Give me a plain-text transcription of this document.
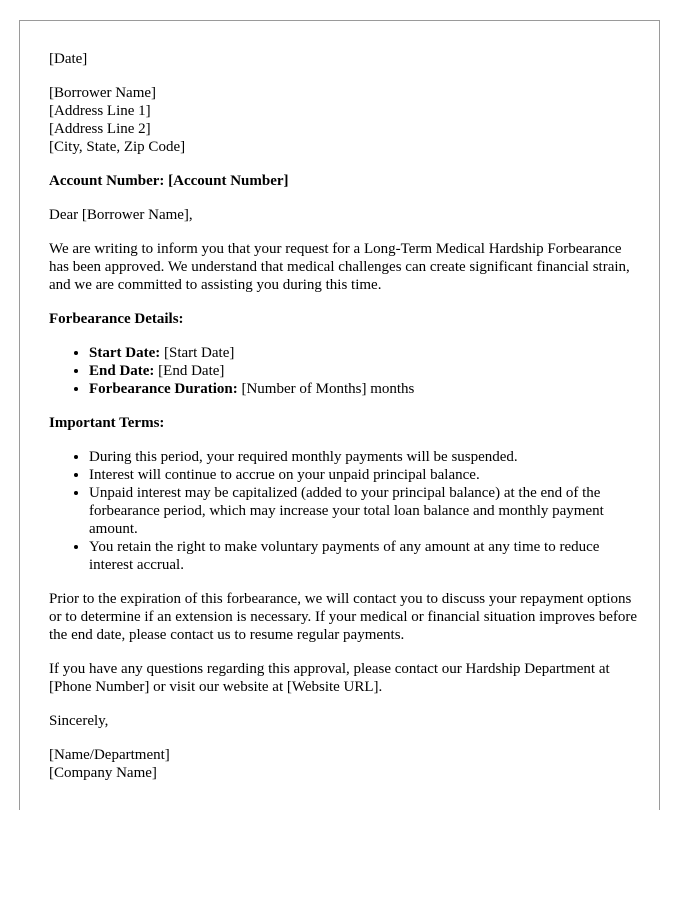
[Date]

[Borrower Name]
[Address Line 1]
[Address Line 2]
[City, State, Zip Code]

Account Number: [Account Number]

Dear [Borrower Name],

We are writing to inform you that your request for a Long-Term Medical Hardship Forbearance has been approved. We understand that medical challenges can create significant financial strain, and we are committed to assisting you during this time.

Forbearance Details:

• Start Date: [Start Date]
• End Date: [End Date]
• Forbearance Duration: [Number of Months] months

Important Terms:

• During this period, your required monthly payments will be suspended.
• Interest will continue to accrue on your unpaid principal balance.
• Unpaid interest may be capitalized (added to your principal balance) at the end of the forbearance period, which may increase your total loan balance and monthly payment amount.
• You retain the right to make voluntary payments of any amount at any time to reduce interest accrual.

Prior to the expiration of this forbearance, we will contact you to discuss your repayment options or to determine if an extension is necessary. If your medical or financial situation improves before the end date, please contact us to resume regular payments.

If you have any questions regarding this approval, please contact our Hardship Department at [Phone Number] or visit our website at [Website URL].

Sincerely,

[Name/Department]
[Company Name]
